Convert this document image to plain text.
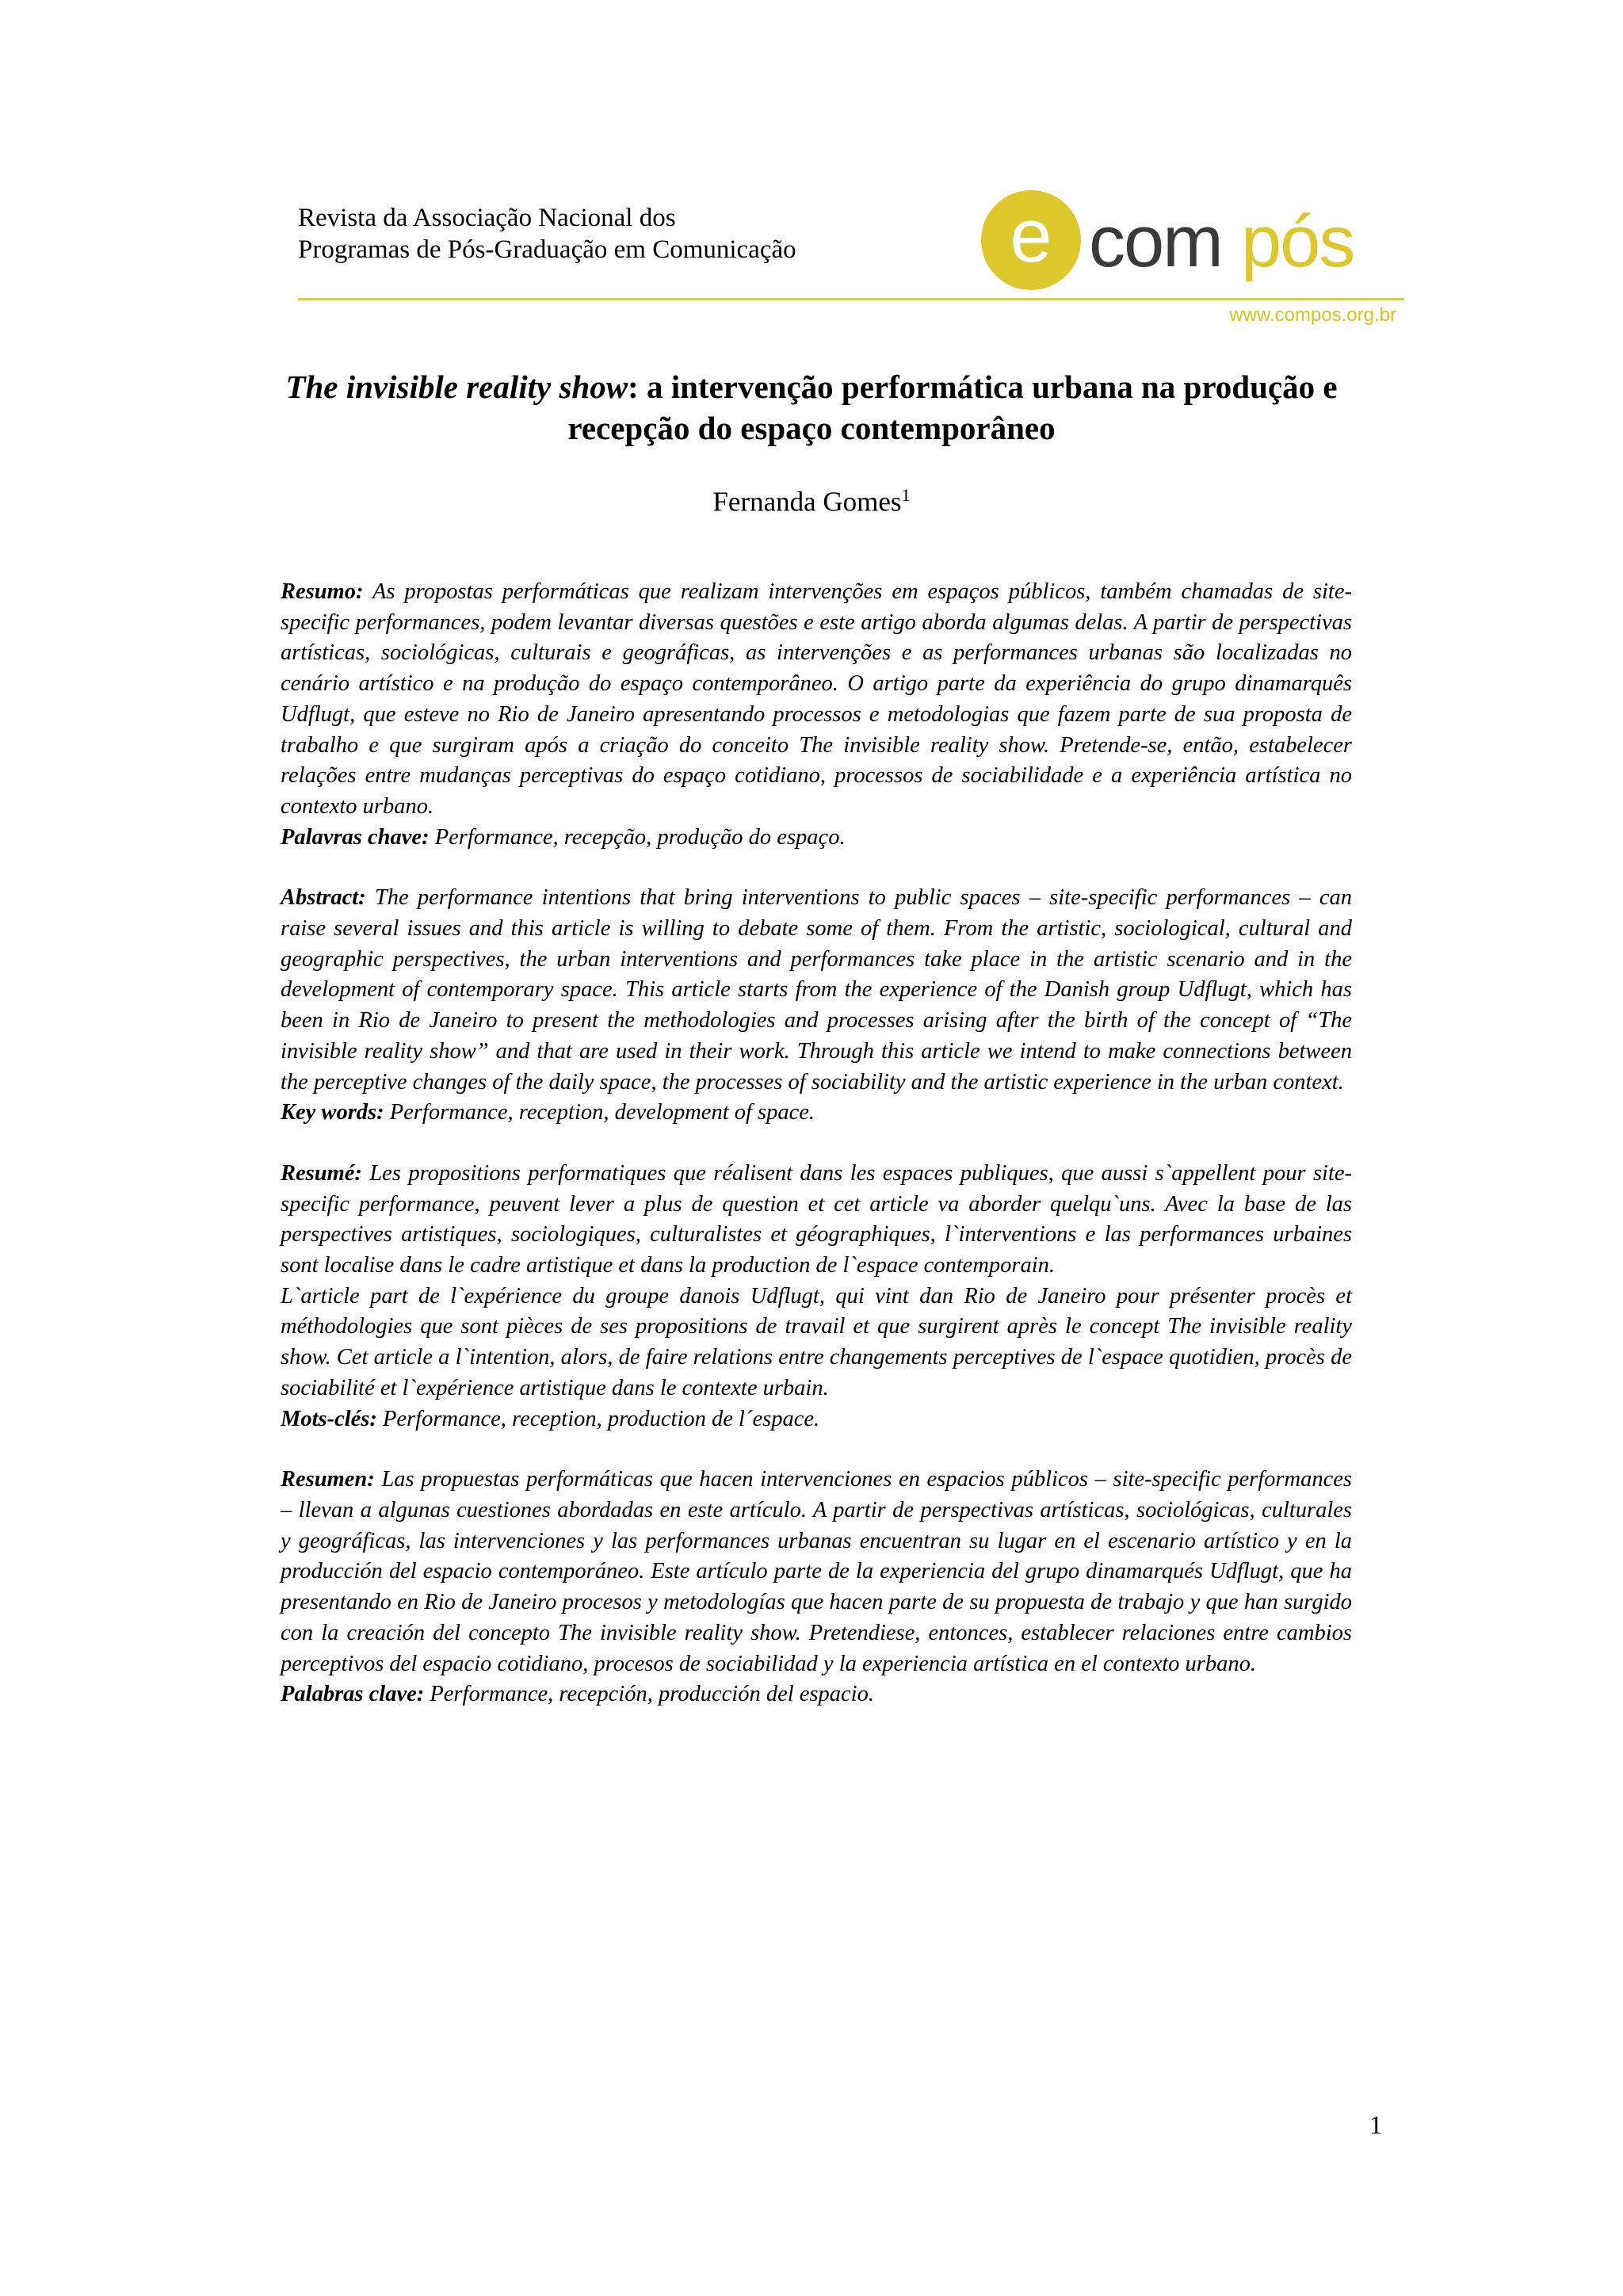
Revista da Associação Nacional dos
Programas de Pós-Graduação em Comunicação	e com pós
www.compos.org.br
The invisible reality show: a intervenção performática urbana na produção e recepção do espaço contemporâneo
Fernanda Gomes$^1$

Resumo: As propostas performáticas que realizam intervenções em espaços públicos, também chamadas de site-specific performances, podem levantar diversas questões e este artigo aborda algumas delas. A partir de perspectivas artísticas, sociológicas, culturais e geográficas, as intervenções e as performances urbanas são localizadas no cenário artístico e na produção do espaço contemporâneo. O artigo parte da experiência do grupo dinamarquês Udflugt, que esteve no Rio de Janeiro apresentando processos e metodologias que fazem parte de sua proposta de trabalho e que surgiram após a criação do conceito The invisible reality show. Pretende-se, então, estabelecer relações entre mudanças perceptivas do espaço cotidiano, processos de sociabilidade e a experiência artística no contexto urbano.

Palavras chave: Performance, recepção, produção do espaço.

Abstract: The performance intentions that bring interventions to public spaces – site-specific performances – can raise several issues and this article is willing to debate some of them. From the artistic, sociological, cultural and geographic perspectives, the urban interventions and performances take place in the artistic scenario and in the development of contemporary space. This article starts from the experience of the Danish group Udflugt, which has been in Rio de Janeiro to present the methodologies and processes arising after the birth of the concept of “The invisible reality show” and that are used in their work. Through this article we intend to make connections between the perceptive changes of the daily space, the processes of sociability and the artistic experience in the urban context.

Key words: Performance, reception, development of space.

Resumé: Les propositions performatiques que réalisent dans les espaces publiques, que aussi s`appellent pour site-specific performance, peuvent lever a plus de question et cet article va aborder quelqu`uns. Avec la base de las perspectives artistiques, sociologiques, culturalistes et géographiques, l`interventions e las performances urbaines sont localise dans le cadre artistique et dans la production de l`espace contemporain.

L`article part de l`expérience du groupe danois Udflugt, qui vint dan Rio de Janeiro pour présenter procès et méthodologies que sont pièces de ses propositions de travail et que surgirent après le concept The invisible reality show. Cet article a l`intention, alors, de faire relations entre changements perceptives de l`espace quotidien, procès de sociabilité et l`expérience artistique dans le contexte urbain.

Mots-clés: Performance, reception, production de l´espace.

Resumen: Las propuestas performáticas que hacen intervenciones en espacios públicos – site-specific performances – llevan a algunas cuestiones abordadas en este artículo. A partir de perspectivas artísticas, sociológicas, culturales y geográficas, las intervenciones y las performances urbanas encuentran su lugar en el escenario artístico y en la producción del espacio contemporáneo. Este artículo parte de la experiencia del grupo dinamarqués Udflugt, que ha presentando en Rio de Janeiro procesos y metodologías que hacen parte de su propuesta de trabajo y que han surgido con la creación del concepto The invisible reality show. Pretendiese, entonces, establecer relaciones entre cambios perceptivos del espacio cotidiano, procesos de sociabilidad y la experiencia artística en el contexto urbano.

Palabras clave: Performance, recepción, producción del espacio.

1
